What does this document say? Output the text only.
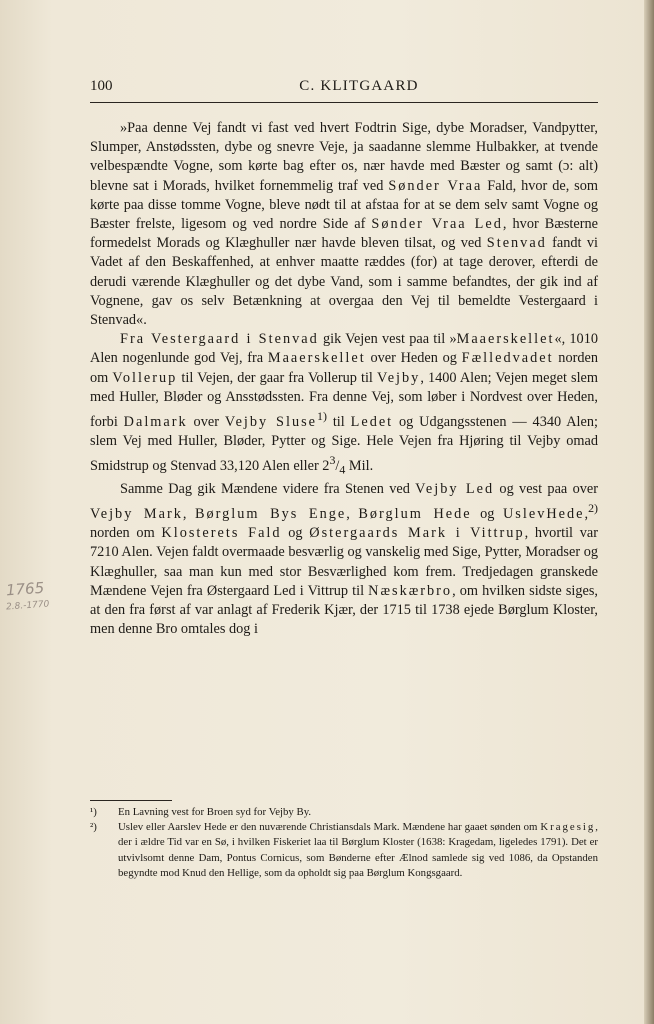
100	C. KLITGAARD
1765
2.8.-1770

»Paa denne Vej fandt vi fast ved hvert Fodtrin Sige, dybe Moradser, Vandpytter, Slumper, Anstødssten, dybe og snevre Veje, ja saadanne slemme Hulbakker, at tvende velbespændte Vogne, som kørte bag efter os, nær havde med Bæster og samt (ɔ: alt) blevne sat i Morads, hvilket fornemmelig traf ved Sønder Vraa Fald, hvor de, som kørte paa disse tomme Vogne, bleve nødt til at afstaa for at se dem selv samt Vogne og Bæster frelste, ligesom og ved nordre Side af Sønder Vraa Led, hvor Bæsterne formedelst Morads og Klæghuller nær havde bleven tilsat, og ved Stenvad fandt vi Vadet af den Beskaffenhed, at enhver maatte ræddes (for) at tage derover, efterdi de derudi værende Klæghuller og det dybe Vand, som i samme befandtes, der gik ind af Vognene, gav os selv Betænkning at overgaa den Vej til bemeldte Vestergaard i Stenvad«.

Fra Vestergaard i Stenvad gik Vejen vest paa til »Maaerskellet«, 1010 Alen nogenlunde god Vej, fra Maaerskellet over Heden og Fælledvadet norden om Vollerup til Vejen, der gaar fra Vollerup til Vejby, 1400 Alen; Vejen meget slem med Huller, Bløder og Ansstødssten. Fra denne Vej, som løber i Nordvest over Heden, forbi Dalmark over Vejby Sluse$^{1)}$ til Ledet og Udgangsstenen — 4340 Alen; slem Vej med Huller, Bløder, Pytter og Sige. Hele Vejen fra Hjøring til Vejby omad Smidstrup og Stenvad 33,120 Alen eller $2^3/_4$ Mil.

Samme Dag gik Mændene videre fra Stenen ved Vejby Led og vest paa over Vejby Mark, Børglum Bys Enge, Børglum Hede og UslevHede,$^{2)}$ norden om Klosterets Fald og Østergaards Mark i Vittrup, hvortil var 7210 Alen. Vejen faldt overmaade besværlig og vanskelig med Sige, Pytter, Moradser og Klæghuller, saa man kun med stor Besværlighed kom frem. Tredjedagen granskede Mændene Vejen fra Østergaard Led i Vittrup til Næskærbro, om hvilken sidste siges, at den fra først af var anlagt af Frederik Kjær, der 1715 til 1738 ejede Børglum Kloster, men denne Bro omtales dog i

¹) En Lavning vest for Broen syd for Vejby By.
²) Uslev eller Aarslev Hede er den nuværende Christiansdals Mark. Mændene har gaaet sønden om Kragesig, der i ældre Tid var en Sø, i hvilken Fiskeriet laa til Børglum Kloster (1638: Kragedam, ligeledes 1791). Det er utvivlsomt denne Dam, Pontus Cornicus, som Bønderne efter Ælnod samlede sig ved 1086, da Opstanden begyndte mod Knud den Hellige, som da opholdt sig paa Børglum Kongsgaard.
